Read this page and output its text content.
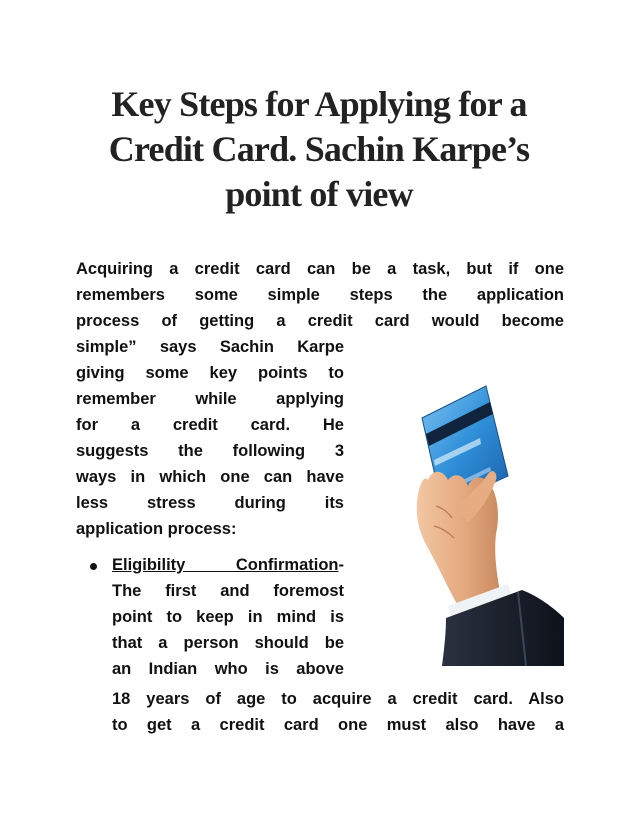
Key Steps for Applying for a
Credit Card. Sachin Karpe’s
point of view
Acquiring a credit card can be a task, but if one
remembers some simple steps the application
process of getting a credit card would become
simple” says Sachin Karpe
giving some key points to
remember while applying
for a credit card. He
suggests the following 3
ways in which one can have
less stress during its
application process:
Eligibility Confirmation-
The first and foremost
point to keep in mind is
that a person should be
an Indian who is above
18 years of age to acquire a credit card. Also
to get a credit card one must also have a
